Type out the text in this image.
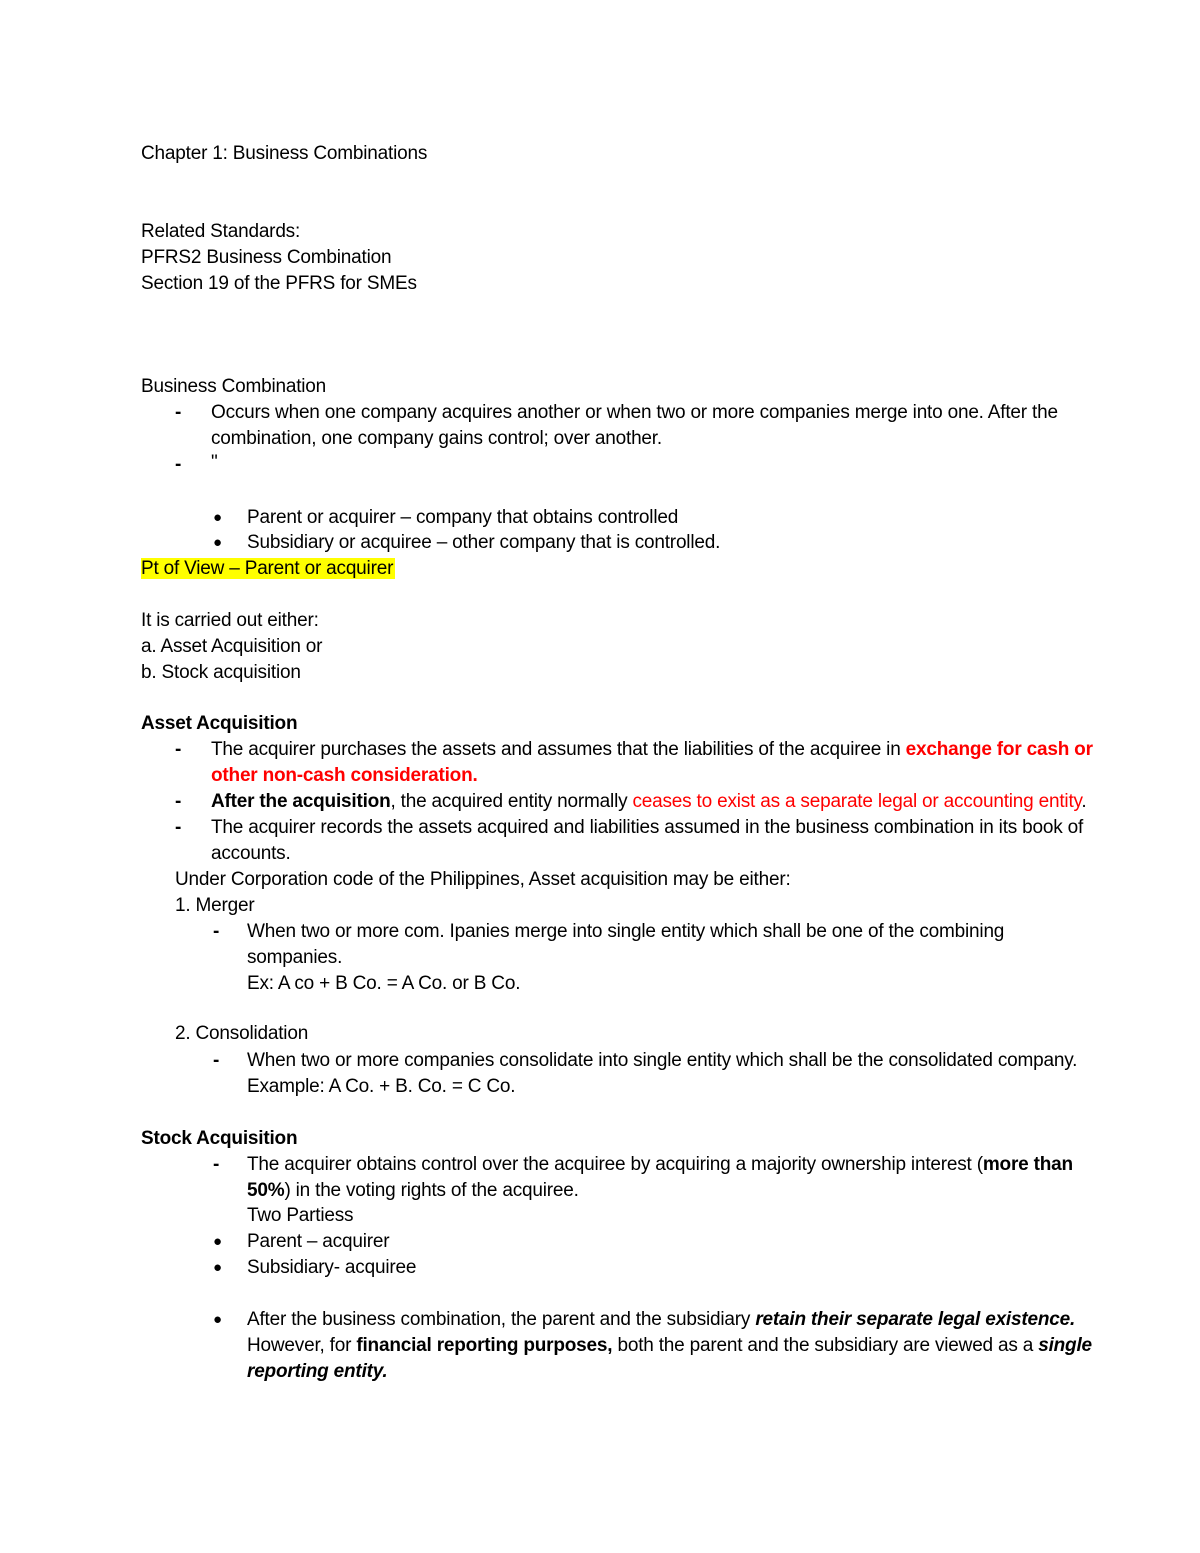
Chapter 1: Business Combinations
Related Standards:
PFRS2 Business Combination
Section 19 of the PFRS for SMEs
Business Combination
- Occurs when one company acquires another or when two or more companies merge into one. After the
combination, one company gains control; over another.
- "
● Parent or acquirer – company that obtains controlled
● Subsidiary or acquiree – other company that is controlled.
Pt of View – Parent or acquirer
It is carried out either:
a. Asset Acquisition or
b. Stock acquisition
Asset Acquisition
- The acquirer purchases the assets and assumes that the liabilities of the acquiree in exchange for cash or
other non-cash consideration.
- After the acquisition, the acquired entity normally ceases to exist as a separate legal or accounting entity.
- The acquirer records the assets acquired and liabilities assumed in the business combination in its book of
accounts.
Under Corporation code of the Philippines, Asset acquisition may be either:
1. Merger
- When two or more com. Ipanies merge into single entity which shall be one of the combining
sompanies.
Ex: A co + B Co. = A Co. or B Co.
2. Consolidation
- When two or more companies consolidate into single entity which shall be the consolidated company.
Example: A Co. + B. Co. = C Co.
Stock Acquisition
- The acquirer obtains control over the acquiree by acquiring a majority ownership interest (more than
50%) in the voting rights of the acquiree.
Two Partiess
● Parent – acquirer
● Subsidiary- acquiree
● After the business combination, the parent and the subsidiary retain their separate legal existence.
However, for financial reporting purposes, both the parent and the subsidiary are viewed as a single
reporting entity.
